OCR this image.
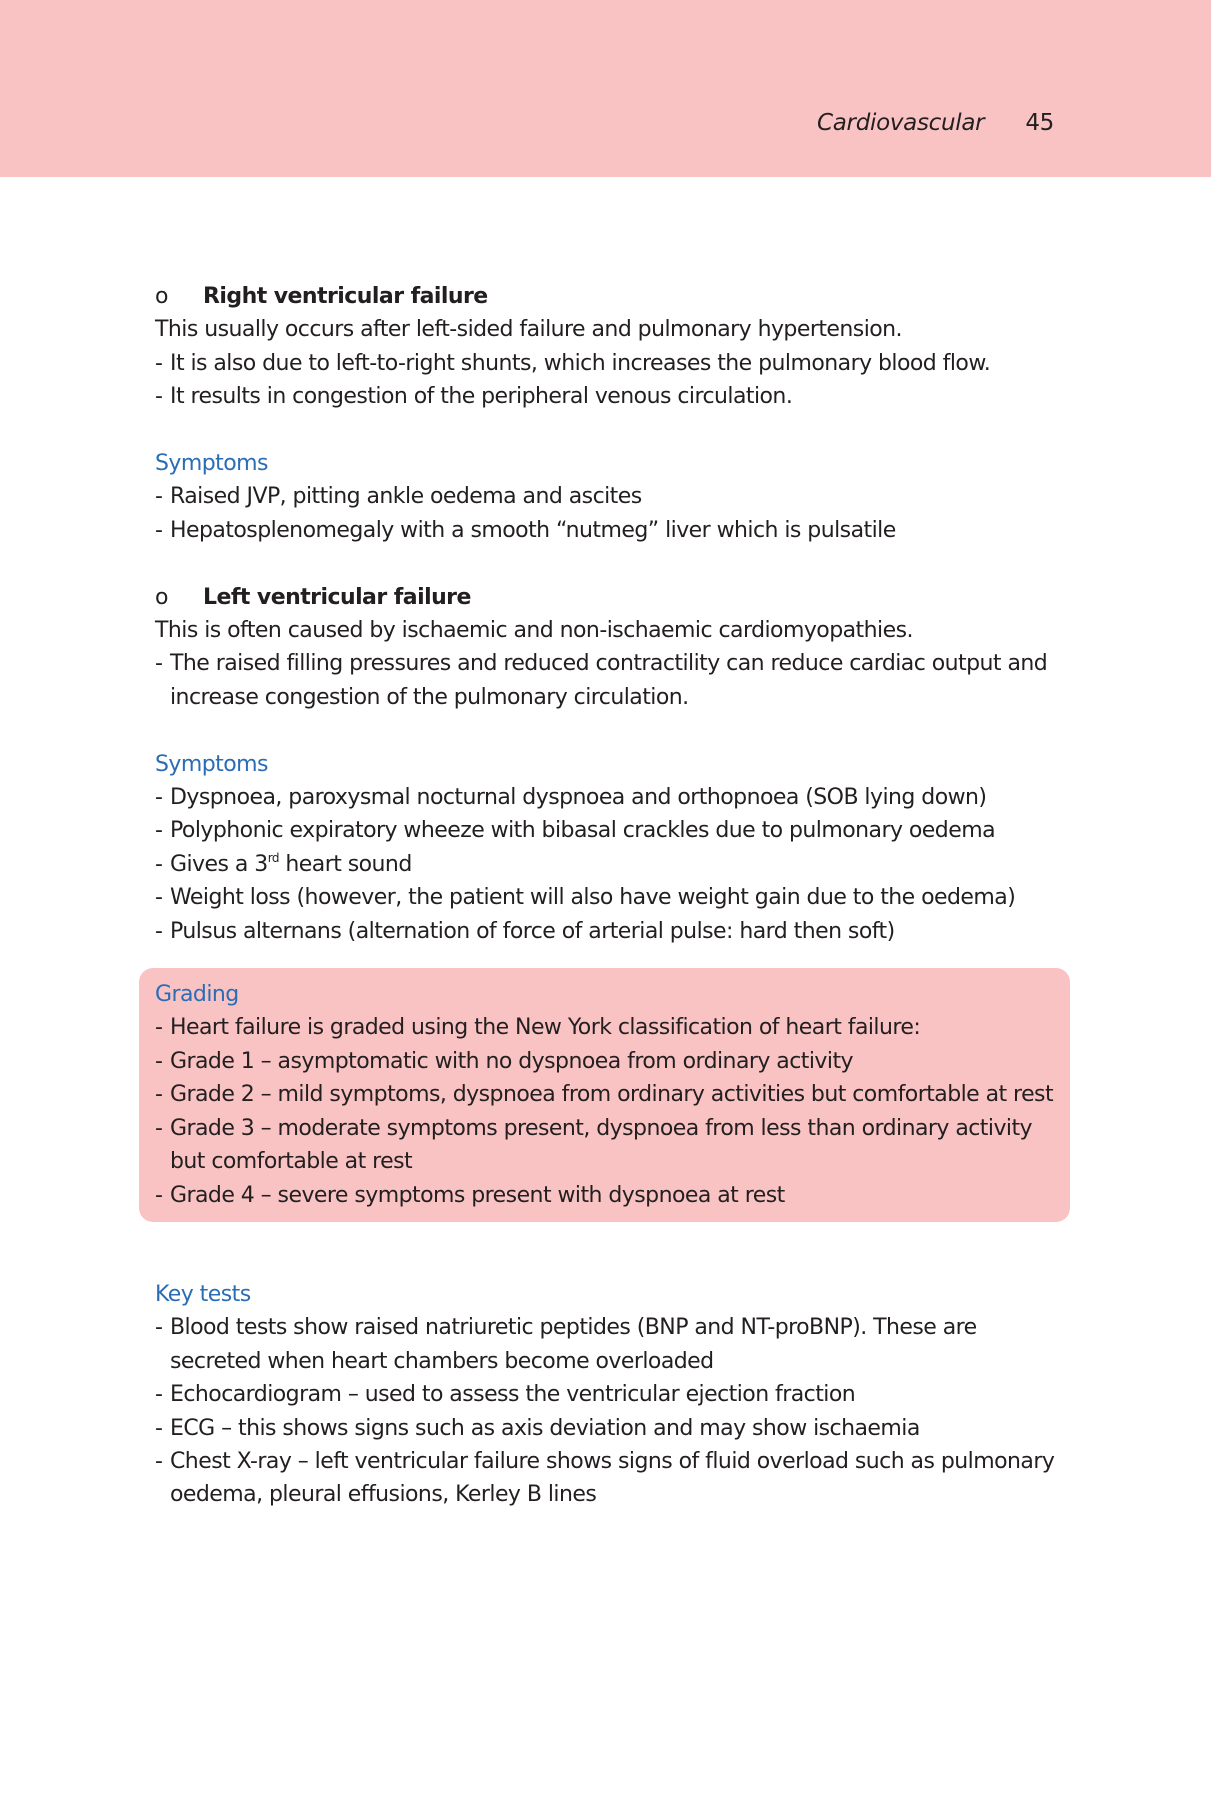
Cardiovascular 45
o	Right ventricular failure

This usually occurs after left-sided failure and pulmonary hypertension.

- It is also due to left-to-right shunts, which increases the pulmonary blood flow.
- It results in congestion of the peripheral venous circulation.

Symptoms

- Raised JVP, pitting ankle oedema and ascites
- Hepatosplenomegaly with a smooth “nutmeg” liver which is pulsatile
o	Left ventricular failure

This is often caused by ischaemic and non-ischaemic cardiomyopathies.

- The raised filling pressures and reduced contractility can reduce cardiac output and increase congestion of the pulmonary circulation.

Symptoms

- Dyspnoea, paroxysmal nocturnal dyspnoea and orthopnoea (SOB lying down)
- Polyphonic expiratory wheeze with bibasal crackles due to pulmonary oedema
- Gives a 3rd heart sound
- Weight loss (however, the patient will also have weight gain due to the oedema)
- Pulsus alternans (alternation of force of arterial pulse: hard then soft)

Grading

- Heart failure is graded using the New York classification of heart failure:
- Grade 1 – asymptomatic with no dyspnoea from ordinary activity
- Grade 2 – mild symptoms, dyspnoea from ordinary activities but comfortable at rest
- Grade 3 – moderate symptoms present, dyspnoea from less than ordinary activity but comfortable at rest
- Grade 4 – severe symptoms present with dyspnoea at rest

Key tests

- Blood tests show raised natriuretic peptides (BNP and NT-proBNP). These are secreted when heart chambers become overloaded
- Echocardiogram – used to assess the ventricular ejection fraction
- ECG – this shows signs such as axis deviation and may show ischaemia
- Chest X-ray – left ventricular failure shows signs of fluid overload such as pulmonary oedema, pleural effusions, Kerley B lines
